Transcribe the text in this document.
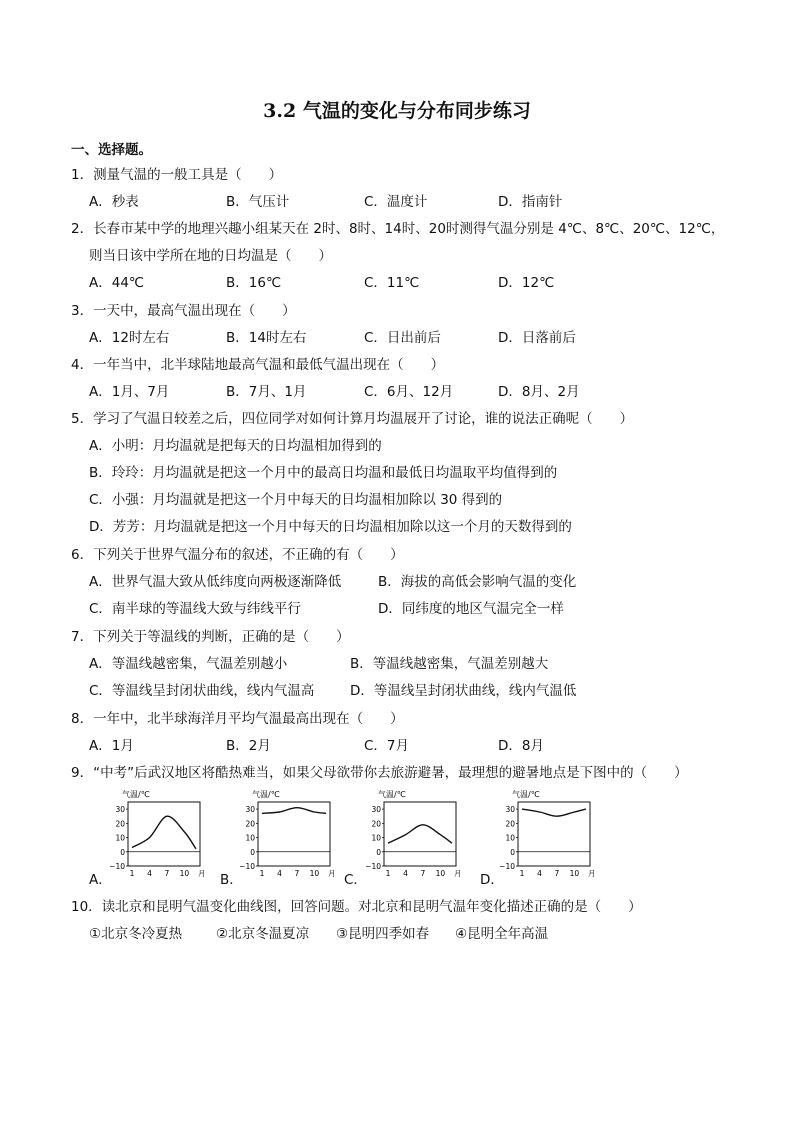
3.2 气温的变化与分布同步练习
一、选择题。
1．测量气温的一般工具是（　　）
A．秒表	B．气压计	C．温度计	D．指南针
2．长春市某中学的地理兴趣小组某天在 2时、8时、14时、20时测得气温分别是 4℃、8℃、20℃、12℃，
则当日该中学所在地的日均温是（　　）
A．44℃	B．16℃	C．11℃	D．12℃
3．一天中，最高气温出现在（　　）
A．12时左右	B．14时左右	C．日出前后	D．日落前后
4．一年当中，北半球陆地最高气温和最低气温出现在（　　）
A．1月、7月	B．7月、1月	C．6月、12月	D．8月、2月
5．学习了气温日较差之后，四位同学对如何计算月均温展开了讨论，谁的说法正确呢（　　）
A．小明：月均温就是把每天的日均温相加得到的
B．玲玲：月均温就是把这一个月中的最高日均温和最低日均温取平均值得到的
C．小强：月均温就是把这一个月中每天的日均温相加除以 30 得到的
D．芳芳：月均温就是把这一个月中每天的日均温相加除以这一个月的天数得到的
6．下列关于世界气温分布的叙述，不正确的有（　　）
A．世界气温大致从低纬度向两极逐渐降低	B．海拔的高低会影响气温的变化
C．南半球的等温线大致与纬线平行	D．同纬度的地区气温完全一样
7．下列关于等温线的判断，正确的是（　　）
A．等温线越密集，气温差别越小	B．等温线越密集，气温差别越大
C．等温线呈封闭状曲线，线内气温高	D．等温线呈封闭状曲线，线内气温低
8．一年中，北半球海洋月平均气温最高出现在（　　）
A．1月	B．2月	C．7月	D．8月
9．“中考”后武汉地区将酷热难当，如果父母欲带你去旅游避暑，最理想的避暑地点是下图中的（　　）
A．	B．	C．	D．
气温/℃
30
20
10
0
−10
1 4 7 10 月
气温/℃
30
20
10
0
−10
1 4 7 10 月
气温/℃
30
20
10
0
−10
1 4 7 10 月
气温/℃
30
20
10
0
−10
1 4 7 10 月
10．读北京和昆明气温变化曲线图，回答问题。对北京和昆明气温年变化描述正确的是（　　）
①北京冬冷夏热	②北京冬温夏凉 ③昆明四季如春 ④昆明全年高温
